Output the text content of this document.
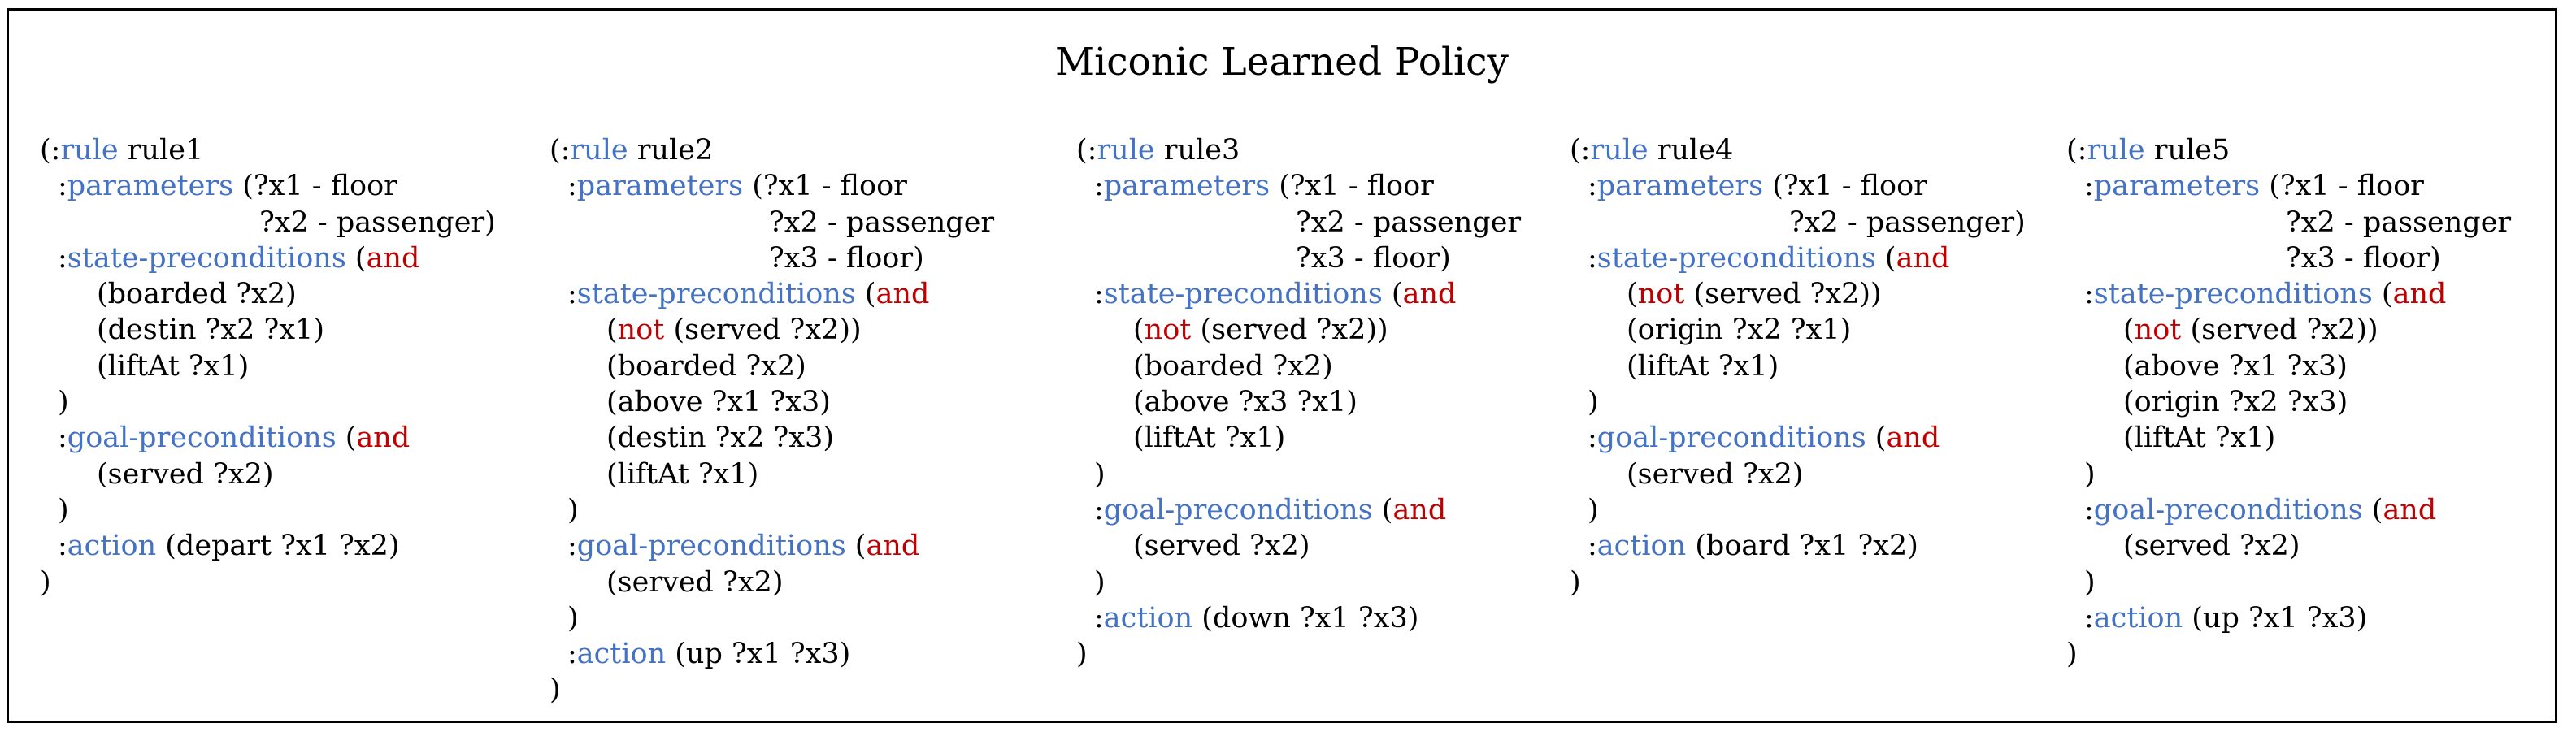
Miconic Learned Policy
(:rule rule1
:parameters (?x1 - floor
?x2 - passenger)
:state-preconditions (and
(boarded ?x2)
(destin ?x2 ?x1)
(liftAt ?x1)
)
:goal-preconditions (and
(served ?x2)
)
:action (depart ?x1 ?x2)
)
(:rule rule2
:parameters (?x1 - floor
?x2 - passenger
?x3 - floor)
:state-preconditions (and
(not (served ?x2))
(boarded ?x2)
(above ?x1 ?x3)
(destin ?x2 ?x3)
(liftAt ?x1)
)
:goal-preconditions (and
(served ?x2)
)
:action (up ?x1 ?x3)
)
(:rule rule3
:parameters (?x1 - floor
?x2 - passenger
?x3 - floor)
:state-preconditions (and
(not (served ?x2))
(boarded ?x2)
(above ?x3 ?x1)
(liftAt ?x1)
)
:goal-preconditions (and
(served ?x2)
)
:action (down ?x1 ?x3)
)
(:rule rule4
:parameters (?x1 - floor
?x2 - passenger)
:state-preconditions (and
(not (served ?x2))
(origin ?x2 ?x1)
(liftAt ?x1)
)
:goal-preconditions (and
(served ?x2)
)
:action (board ?x1 ?x2)
)
(:rule rule5
:parameters (?x1 - floor
?x2 - passenger
?x3 - floor)
:state-preconditions (and
(not (served ?x2))
(above ?x1 ?x3)
(origin ?x2 ?x3)
(liftAt ?x1)
)
:goal-preconditions (and
(served ?x2)
)
:action (up ?x1 ?x3)
)
